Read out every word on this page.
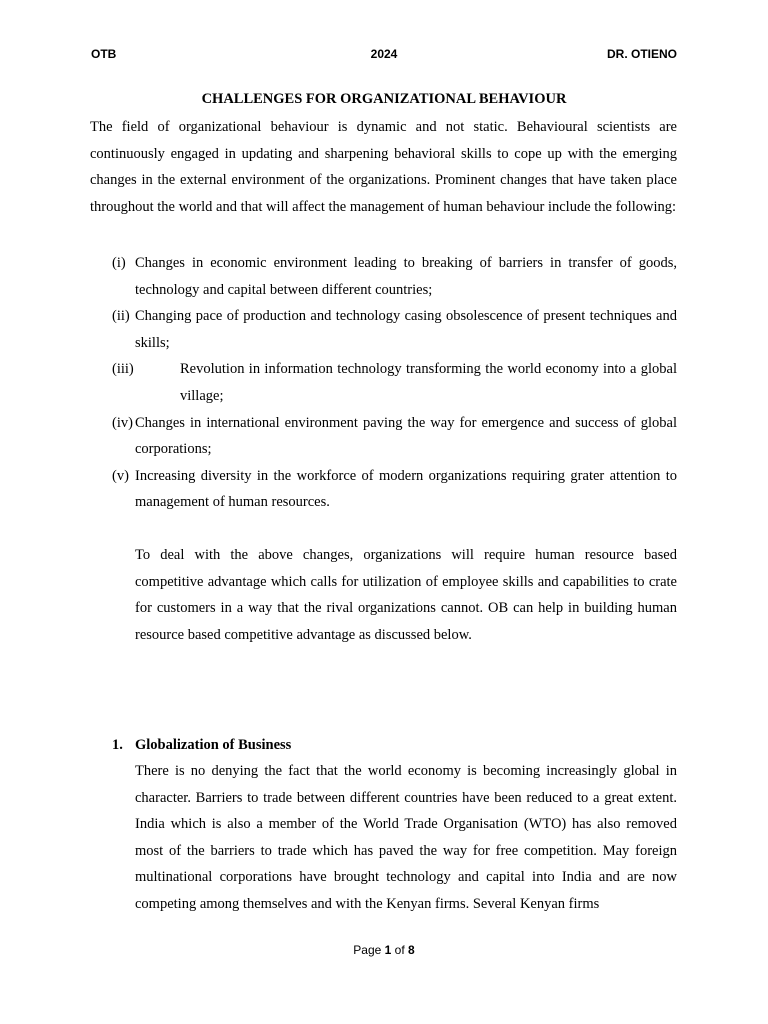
OTB	2024	DR. OTIENO
CHALLENGES FOR ORGANIZATIONAL BEHAVIOUR

The field of organizational behaviour is dynamic and not static. Behavioural scientists are continuously engaged in updating and sharpening behavioral skills to cope up with the emerging changes in the external environment of the organizations. Prominent changes that have taken place throughout the world and that will affect the management of human behaviour include the following:

(i) Changes in economic environment leading to breaking of barriers in transfer of goods, technology and capital between different countries;
(ii) Changing pace of production and technology casing obsolescence of present techniques and skills;
(iii)	Revolution in information technology transforming the world economy into a global village;
(iv) Changes in international environment paving the way for emergence and success of global corporations;
(v) Increasing diversity in the workforce of modern organizations requiring grater attention to management of human resources.

To deal with the above changes, organizations will require human resource based competitive advantage which calls for utilization of employee skills and capabilities to crate for customers in a way that the rival organizations cannot. OB can help in building human resource based competitive advantage as discussed below.

1. Globalization of Business

There is no denying the fact that the world economy is becoming increasingly global in character. Barriers to trade between different countries have been reduced to a great extent. India which is also a member of the World Trade Organisation (WTO) has also removed most of the barriers to trade which has paved the way for free competition. May foreign multinational corporations have brought technology and capital into India and are now competing among themselves and with the Kenyan firms. Several Kenyan firms

Page 1 of 8
